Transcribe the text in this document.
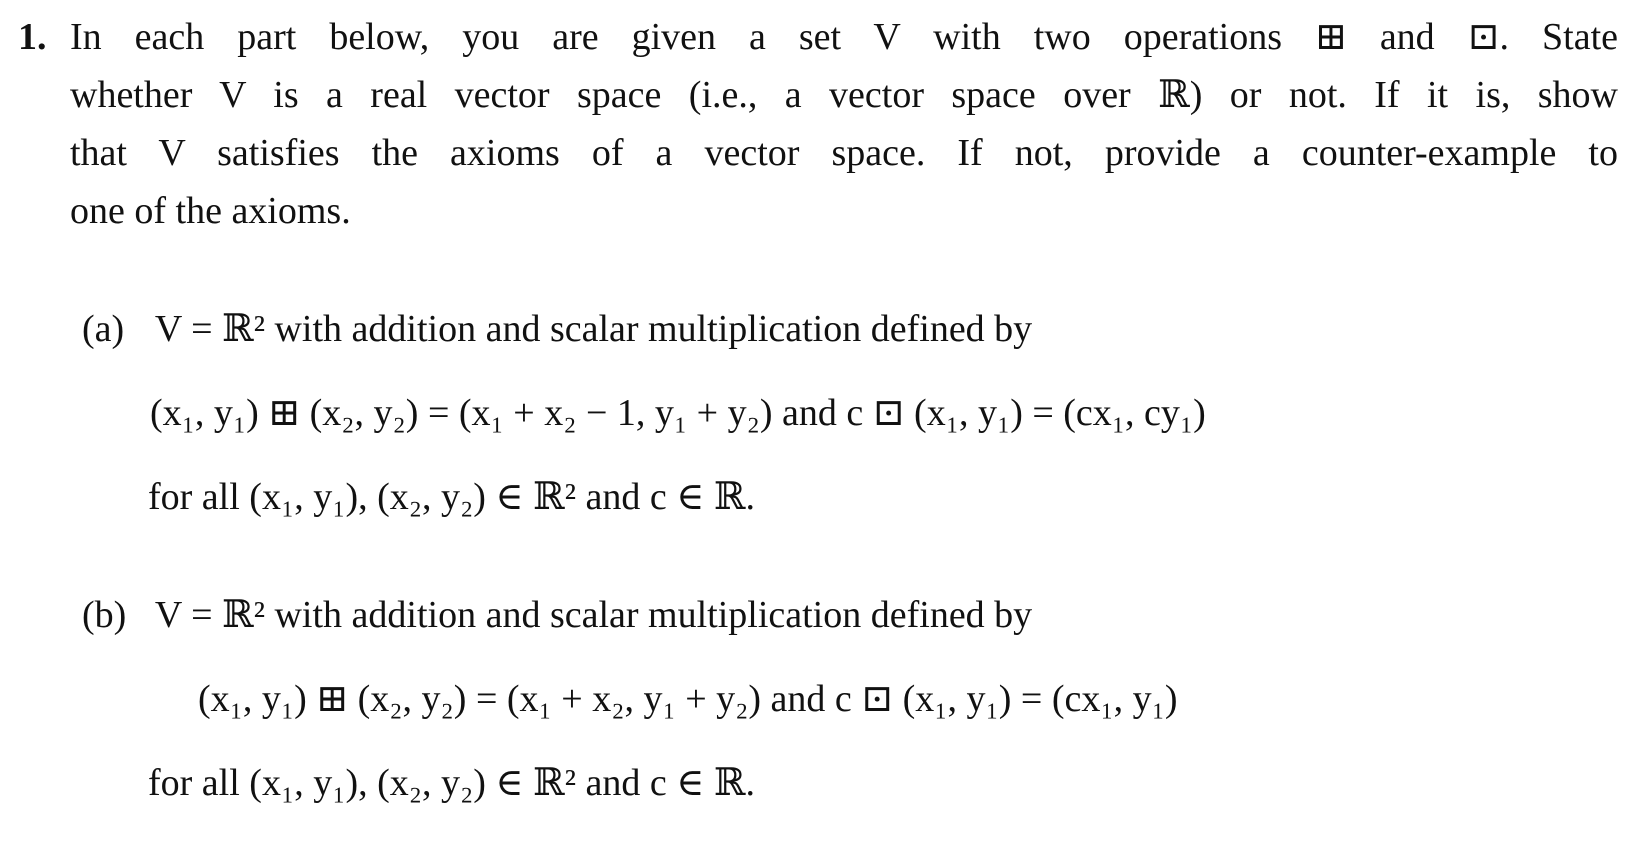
1. In each part below, you are given a set V with two operations ⊞ and ⊡. State
whether V is a real vector space (i.e., a vector space over ℝ) or not. If it is, show
that V satisfies the axioms of a vector space. If not, provide a counter-example to
one of the axioms.
(a) V = ℝ² with addition and scalar multiplication defined by
(x₁, y₁) ⊞ (x₂, y₂) = (x₁ + x₂ − 1, y₁ + y₂) and c ⊡ (x₁, y₁) = (cx₁, cy₁)
for all (x₁, y₁), (x₂, y₂) ∈ ℝ² and c ∈ ℝ.
(b) V = ℝ² with addition and scalar multiplication defined by
(x₁, y₁) ⊞ (x₂, y₂) = (x₁ + x₂, y₁ + y₂) and c ⊡ (x₁, y₁) = (cx₁, y₁)
for all (x₁, y₁), (x₂, y₂) ∈ ℝ² and c ∈ ℝ.
